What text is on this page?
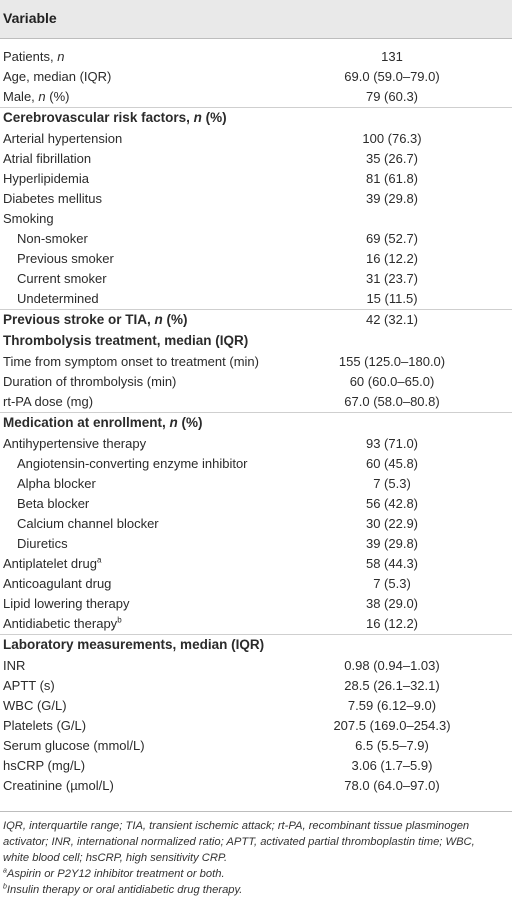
Variable
Patients, n	131
Age, median (IQR)	69.0 (59.0–79.0)
Male, n (%)	79 (60.3)
Cerebrovascular risk factors, n (%)
Arterial hypertension	100 (76.3)
Atrial fibrillation	35 (26.7)
Hyperlipidemia	81 (61.8)
Diabetes mellitus	39 (29.8)
Smoking
Non-smoker	69 (52.7)
Previous smoker	16 (12.2)
Current smoker	31 (23.7)
Undetermined	15 (11.5)
Previous stroke or TIA, n (%)	42 (32.1)
Thrombolysis treatment, median (IQR)
Time from symptom onset to treatment (min)	155 (125.0–180.0)
Duration of thrombolysis (min)	60 (60.0–65.0)
rt-PA dose (mg)	67.0 (58.0–80.8)
Medication at enrollment, n (%)
Antihypertensive therapy	93 (71.0)
Angiotensin-converting enzyme inhibitor	60 (45.8)
Alpha blocker	7 (5.3)
Beta blocker	56 (42.8)
Calcium channel blocker	30 (22.9)
Diuretics	39 (29.8)
Antiplatelet drug$^a$	58 (44.3)
Anticoagulant drug	7 (5.3)
Lipid lowering therapy	38 (29.0)
Antidiabetic therapy$^b$	16 (12.2)
Laboratory measurements, median (IQR)
INR	0.98 (0.94–1.03)
APTT (s)	28.5 (26.1–32.1)
WBC (G/L)	7.59 (6.12–9.0)
Platelets (G/L)	207.5 (169.0–254.3)
Serum glucose (mmol/L)	6.5 (5.5–7.9)
hsCRP (mg/L)	3.06 (1.7–5.9)
Creatinine (µmol/L)	78.0 (64.0–97.0)

IQR, interquartile range; TIA, transient ischemic attack; rt-PA, recombinant tissue plasminogen activator; INR, international normalized ratio; APTT, activated partial thromboplastin time; WBC, white blood cell; hsCRP, high sensitivity CRP.

$^a$Aspirin or P2Y12 inhibitor treatment or both.

$^b$Insulin therapy or oral antidiabetic drug therapy.
